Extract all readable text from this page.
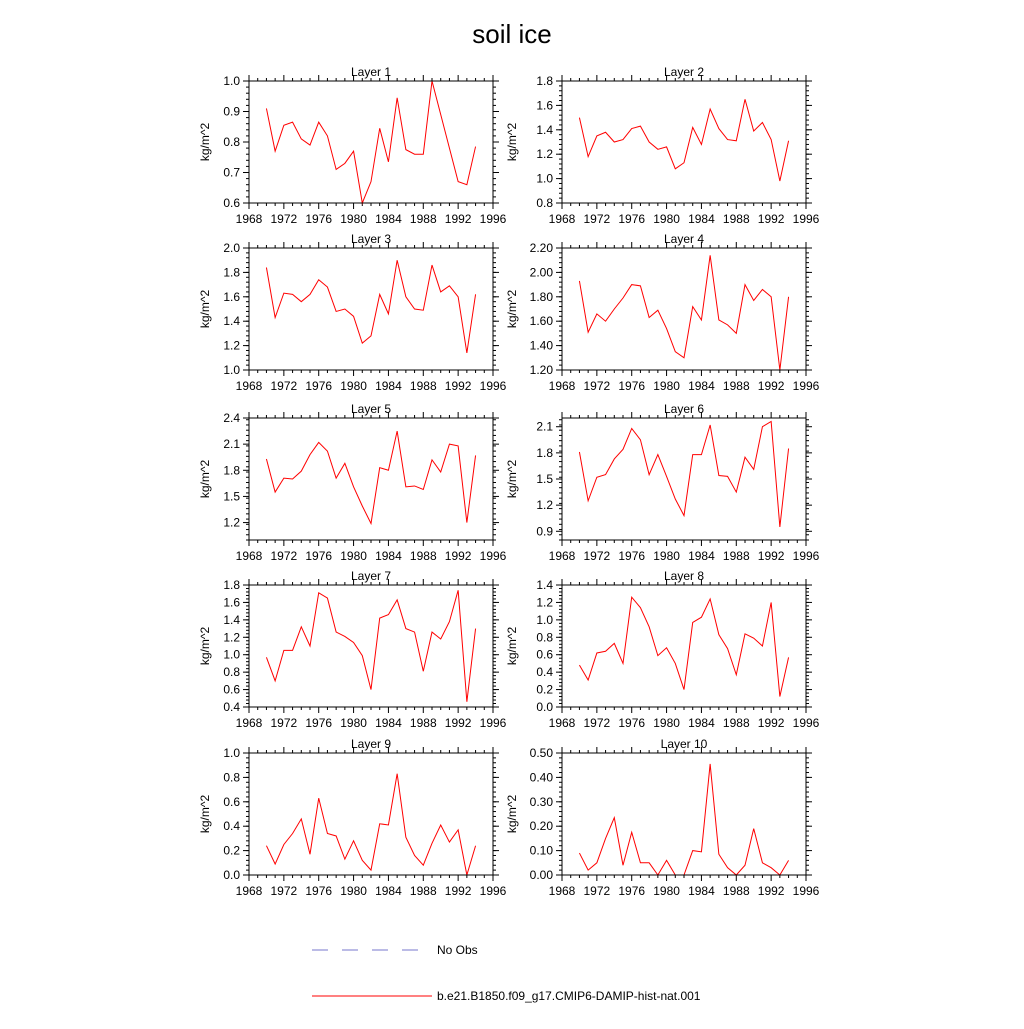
soil ice
Layer 1
1968 1972 1976 1980 1984 1988 1992 1996
0.6
0.7
0.8
0.9
1.0
kg/m^2
Layer 2
1968 1972 1976 1980 1984 1988 1992 1996
0.8
1.0
1.2
1.4
1.6
1.8
kg/m^2
Layer 3
1968 1972 1976 1980 1984 1988 1992 1996
1.0
1.2
1.4
1.6
1.8
2.0
kg/m^2
Layer 4
1968 1972 1976 1980 1984 1988 1992 1996
1.20
1.40
1.60
1.80
2.00
2.20
kg/m^2
Layer 5
1968 1972 1976 1980 1984 1988 1992 1996
1.2
1.5
1.8
2.1
2.4
kg/m^2
Layer 6
1968 1972 1976 1980 1984 1988 1992 1996
0.9
1.2
1.5
1.8
2.1
kg/m^2
Layer 7
1968 1972 1976 1980 1984 1988 1992 1996
0.4
0.6
0.8
1.0
1.2
1.4
1.6
1.8
kg/m^2
Layer 8
1968 1972 1976 1980 1984 1988 1992 1996
0.0
0.2
0.4
0.6
0.8
1.0
1.2
1.4
kg/m^2
Layer 9
1968 1972 1976 1980 1984 1988 1992 1996
0.0
0.2
0.4
0.6
0.8
1.0
kg/m^2
Layer 10
1968 1972 1976 1980 1984 1988 1992 1996
0.00
0.10
0.20
0.30
0.40
0.50
kg/m^2
No Obs
b.e21.B1850.f09_g17.CMIP6-DAMIP-hist-nat.001
